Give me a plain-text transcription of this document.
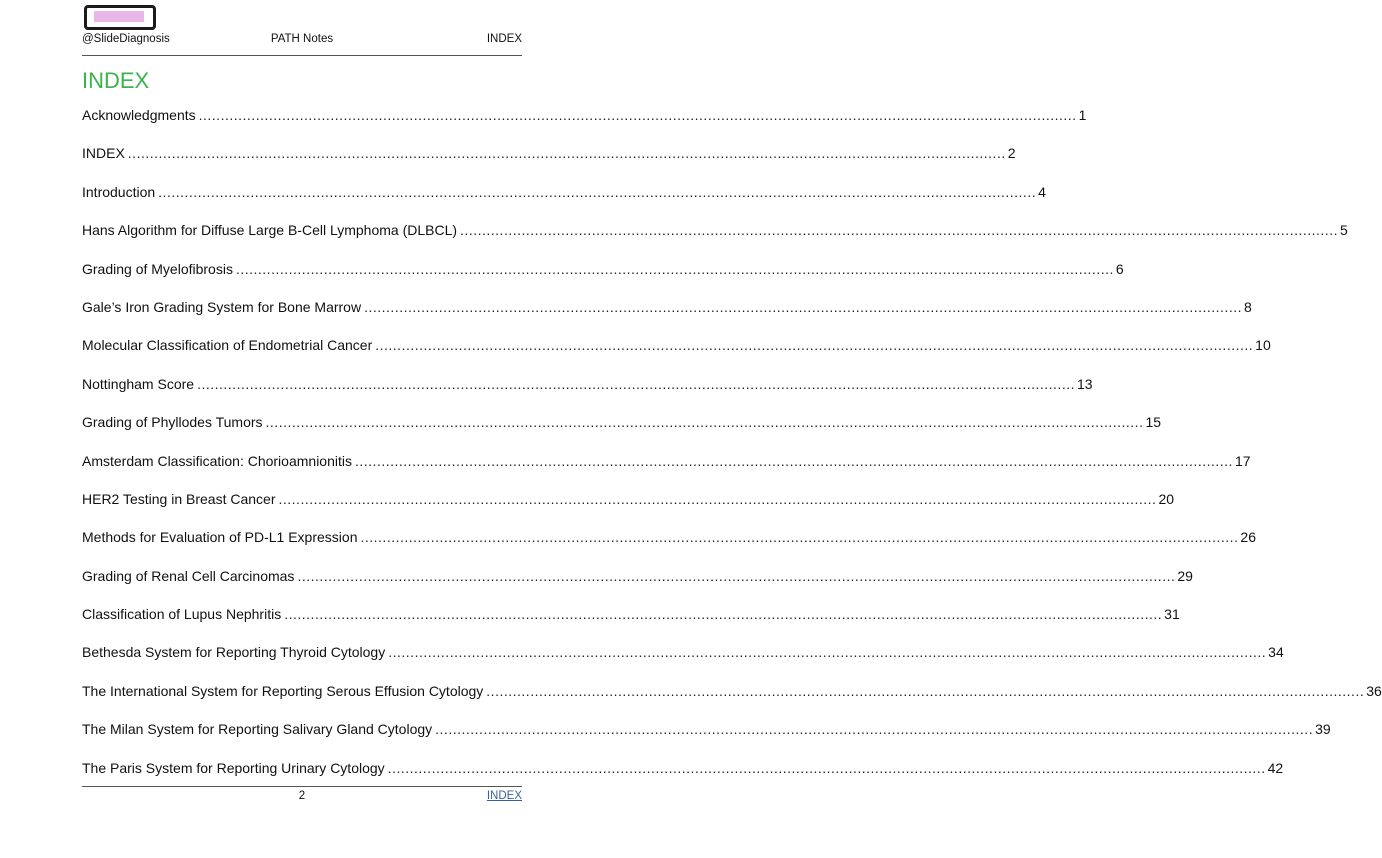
@SlideDiagnosis	PATH Notes	INDEX
INDEX
Acknowledgments ........................................................................................................................................................................................................ 1
INDEX ........................................................................................................................................................................................................ 2
Introduction ........................................................................................................................................................................................................ 4
Hans Algorithm for Diffuse Large B-Cell Lymphoma (DLBCL) ........................................................................................................................................................................................................ 5
Grading of Myelofibrosis ........................................................................................................................................................................................................ 6
Gale’s Iron Grading System for Bone Marrow ........................................................................................................................................................................................................ 8
Molecular Classification of Endometrial Cancer ........................................................................................................................................................................................................ 10
Nottingham Score ........................................................................................................................................................................................................ 13
Grading of Phyllodes Tumors ........................................................................................................................................................................................................ 15
Amsterdam Classification: Chorioamnionitis ........................................................................................................................................................................................................ 17
HER2 Testing in Breast Cancer ........................................................................................................................................................................................................ 20
Methods for Evaluation of PD-L1 Expression ........................................................................................................................................................................................................ 26
Grading of Renal Cell Carcinomas ........................................................................................................................................................................................................ 29
Classification of Lupus Nephritis ........................................................................................................................................................................................................ 31
Bethesda System for Reporting Thyroid Cytology ........................................................................................................................................................................................................ 34
The International System for Reporting Serous Effusion Cytology ........................................................................................................................................................................................................ 36
The Milan System for Reporting Salivary Gland Cytology ........................................................................................................................................................................................................ 39
The Paris System for Reporting Urinary Cytology ........................................................................................................................................................................................................ 42
2	INDEX
